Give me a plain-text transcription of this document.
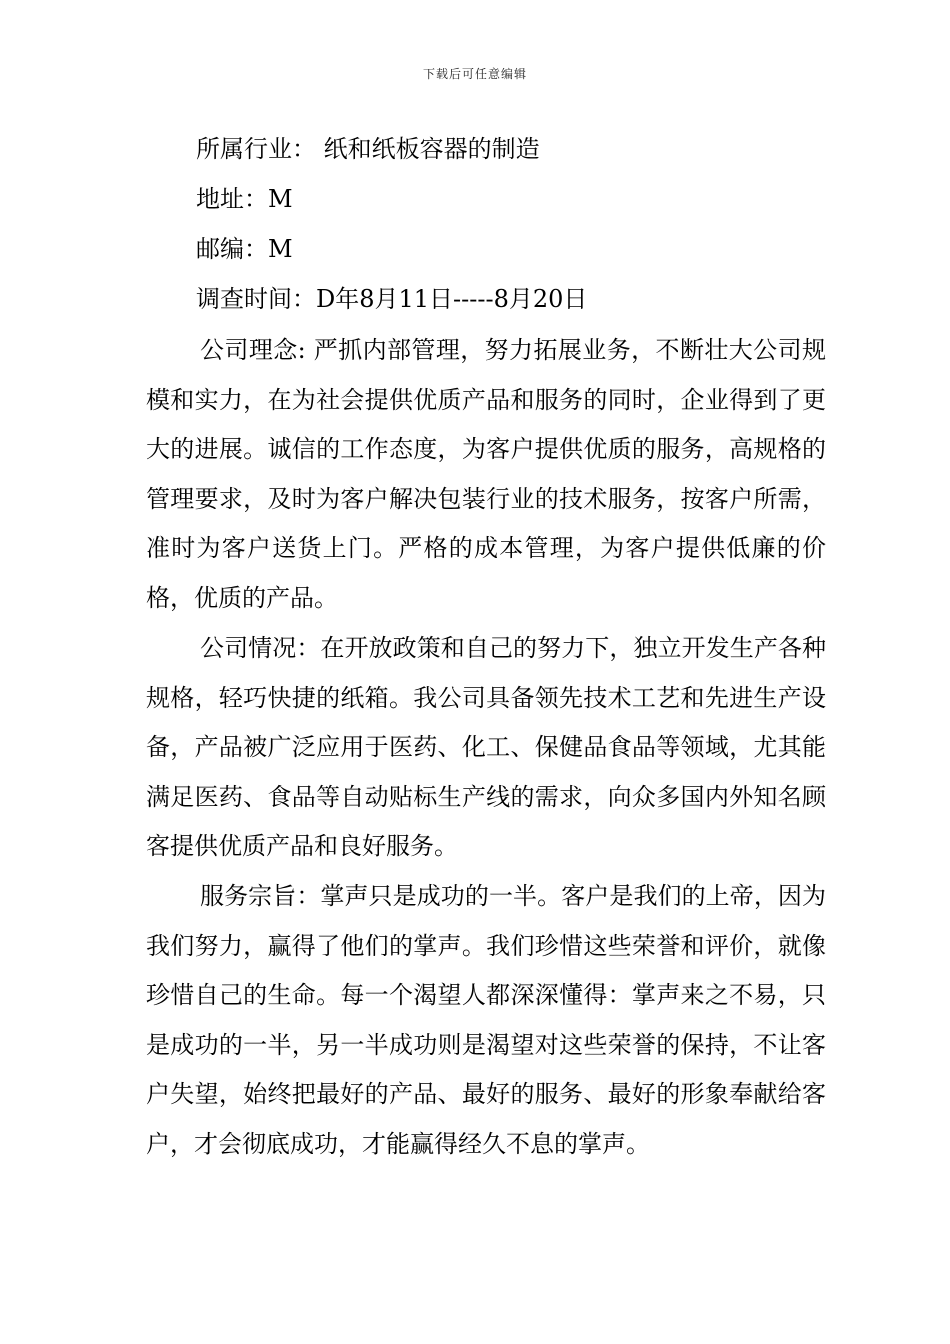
下载后可任意编辑
所属行业： 纸和纸板容器的制造
地址：M
邮编：M
调查时间：D年8月11日-----8月20日

公司理念: 严抓内部管理，努力拓展业务，不断壮大公司规模和实力，在为社会提供优质产品和服务的同时，企业得到了更大的进展。诚信的工作态度，为客户提供优质的服务，高规格的管理要求，及时为客户解决包装行业的技术服务，按客户所需，准时为客户送货上门。严格的成本管理，为客户提供低廉的价格，优质的产品。

公司情况：在开放政策和自己的努力下，独立开发生产各种规格，轻巧快捷的纸箱。我公司具备领先技术工艺和先进生产设备，产品被广泛应用于医药、化工、保健品食品等领域，尤其能满足医药、食品等自动贴标生产线的需求，向众多国内外知名顾客提供优质产品和良好服务。

服务宗旨：掌声只是成功的一半。客户是我们的上帝，因为我们努力，赢得了他们的掌声。我们珍惜这些荣誉和评价，就像珍惜自己的生命。每一个渴望人都深深懂得：掌声来之不易，只是成功的一半，另一半成功则是渴望对这些荣誉的保持，不让客户失望，始终把最好的产品、最好的服务、最好的形象奉献给客户，才会彻底成功，才能赢得经久不息的掌声。
